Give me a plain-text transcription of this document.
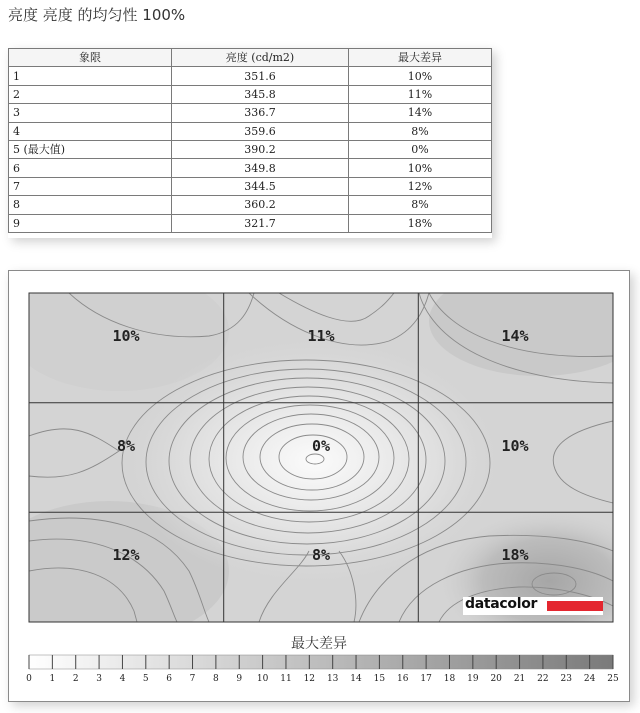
亮度 亮度 的均匀性 100%
象限	亮度 (cd/m2)	最大差异
1	351.6	10%
2	345.8	11%
3	336.7	14%
4	359.6	8%
5 (最大值)	390.2	0%
6	349.8	10%
7	344.5	12%
8	360.2	8%
9	321.7	18%
10%	11%	14%
8%	0%	10%
12%	8%	18%
datacolor
最大差异
0 1 2 3 4 5 6 7 8 9 10 11 12 13 14 15 16 17 18 19 20 21 22 23 24 25
